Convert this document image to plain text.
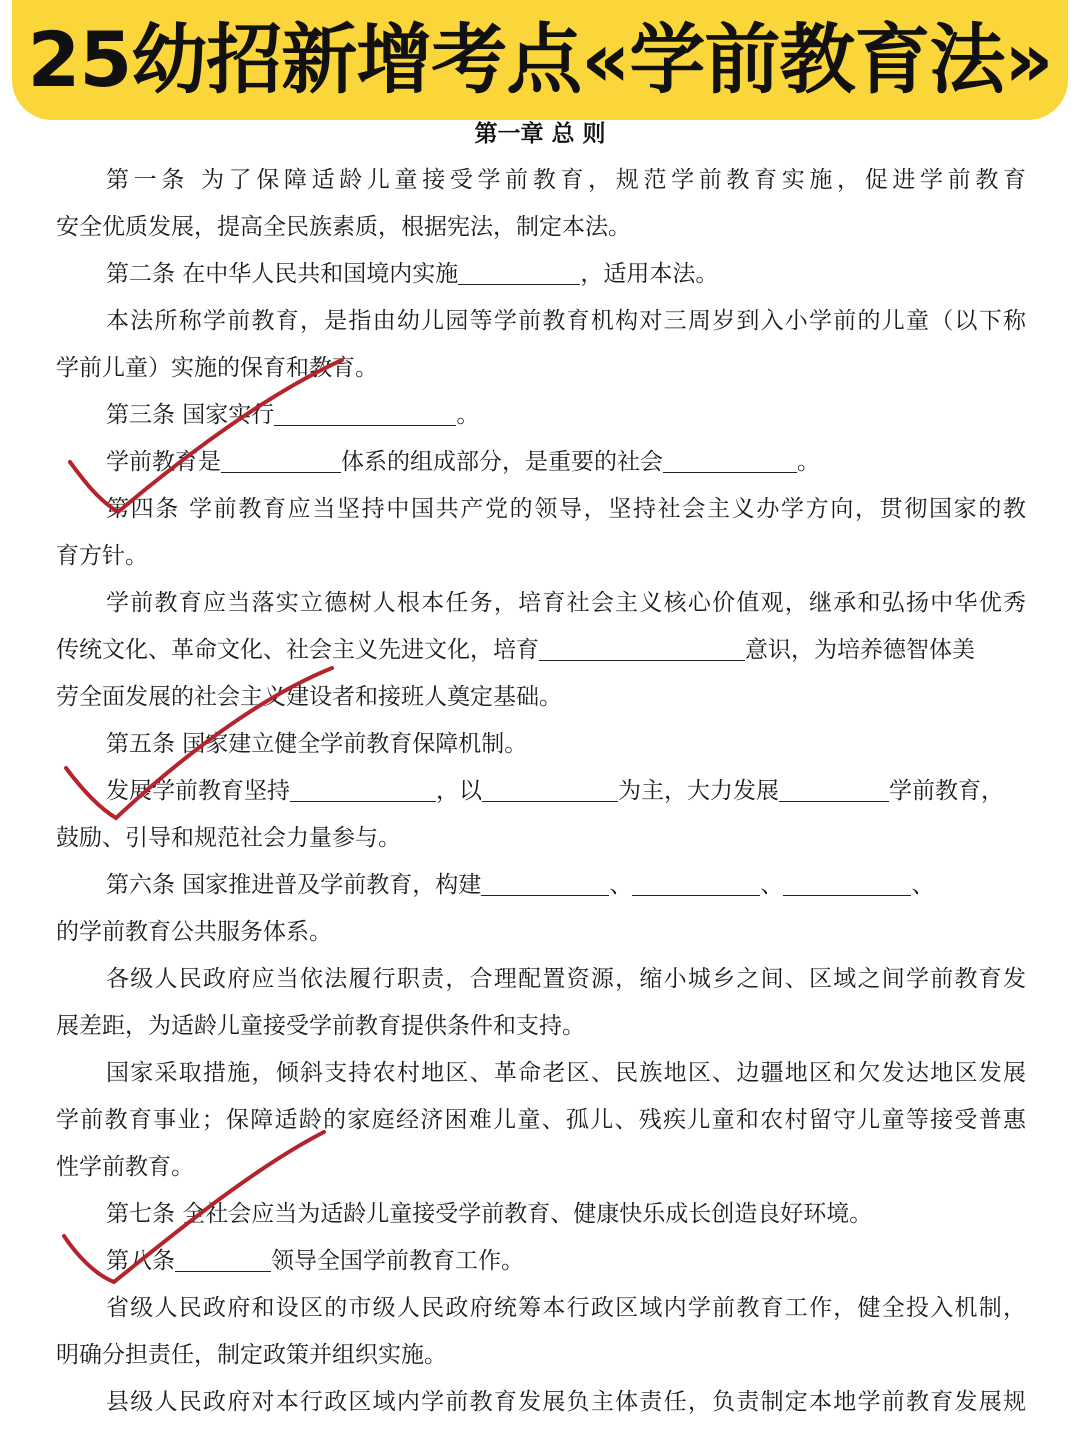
25幼招新增考点«学前教育法»
第一章 总 则
第一条 为了保障适龄儿童接受学前教育，规范学前教育实施，促进学前教育
安全优质发展，提高全民族素质，根据宪法，制定本法。
第二条 在中华人民共和国境内实施	，适用本法。
本法所称学前教育，是指由幼儿园等学前教育机构对三周岁到入小学前的儿童（以下称
学前儿童）实施的保育和教育。
第三条 国家实行	。
学前教育是	体系的组成部分，是重要的社会	。
第四条 学前教育应当坚持中国共产党的领导，坚持社会主义办学方向，贯彻国家的教
育方针。
学前教育应当落实立德树人根本任务，培育社会主义核心价值观，继承和弘扬中华优秀
传统文化、革命文化、社会主义先进文化，培育	意识，为培养德智体美
劳全面发展的社会主义建设者和接班人奠定基础。
第五条 国家建立健全学前教育保障机制。
发展学前教育坚持	，以	为主，大力发展	学前教育，
鼓励、引导和规范社会力量参与。
第六条 国家推进普及学前教育，构建	、	、	、
的学前教育公共服务体系。
各级人民政府应当依法履行职责，合理配置资源，缩小城乡之间、区域之间学前教育发
展差距，为适龄儿童接受学前教育提供条件和支持。
国家采取措施，倾斜支持农村地区、革命老区、民族地区、边疆地区和欠发达地区发展
学前教育事业；保障适龄的家庭经济困难儿童、孤儿、残疾儿童和农村留守儿童等接受普惠
性学前教育。
第七条 全社会应当为适龄儿童接受学前教育、健康快乐成长创造良好环境。
第八条	领导全国学前教育工作。
省级人民政府和设区的市级人民政府统筹本行政区域内学前教育工作，健全投入机制，
明确分担责任，制定政策并组织实施。
县级人民政府对本行政区域内学前教育发展负主体责任，负责制定本地学前教育发展规
